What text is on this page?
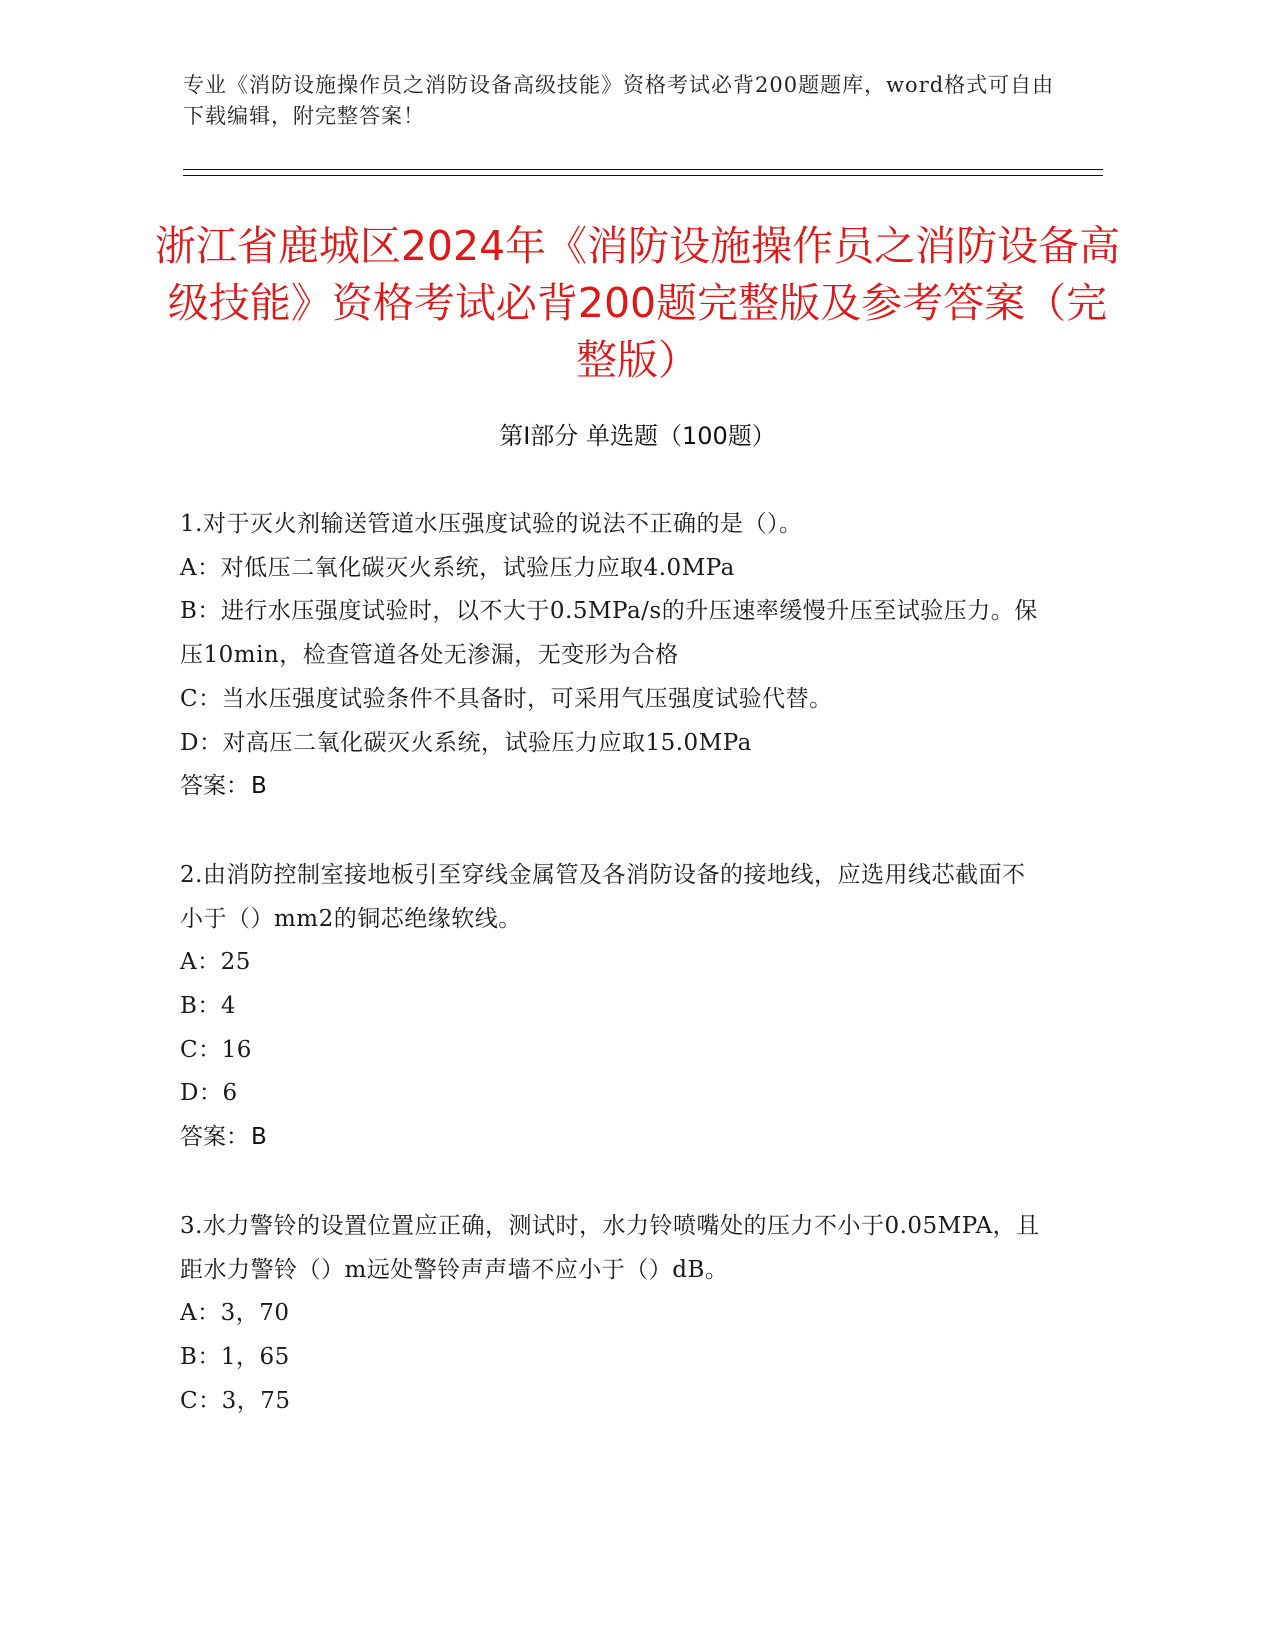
专业《消防设施操作员之消防设备高级技能》资格考试必背200题题库，word格式可自由下载编辑，附完整答案！
浙江省鹿城区2024年《消防设施操作员之消防设备高级技能》资格考试必背200题完整版及参考答案（完整版）
第Ⅰ部分 单选题（100题）
1.对于灭火剂输送管道水压强度试验的说法不正确的是（）。
A：对低压二氧化碳灭火系统，试验压力应取4.0MPa
B：进行水压强度试验时，以不大于0.5MPa/s的升压速率缓慢升压至试验压力。保压10min，检查管道各处无渗漏，无变形为合格
C：当水压强度试验条件不具备时，可采用气压强度试验代替。
D：对高压二氧化碳灭火系统，试验压力应取15.0MPa
答案：B
2.由消防控制室接地板引至穿线金属管及各消防设备的接地线，应选用线芯截面不小于（）mm2的铜芯绝缘软线。
A：25
B：4
C：16
D：6
答案：B
3.水力警铃的设置位置应正确，测试时，水力铃喷嘴处的压力不小于0.05MPA，且距水力警铃（）m远处警铃声声墙不应小于（）dB。
A：3，70
B：1，65
C：3，75
